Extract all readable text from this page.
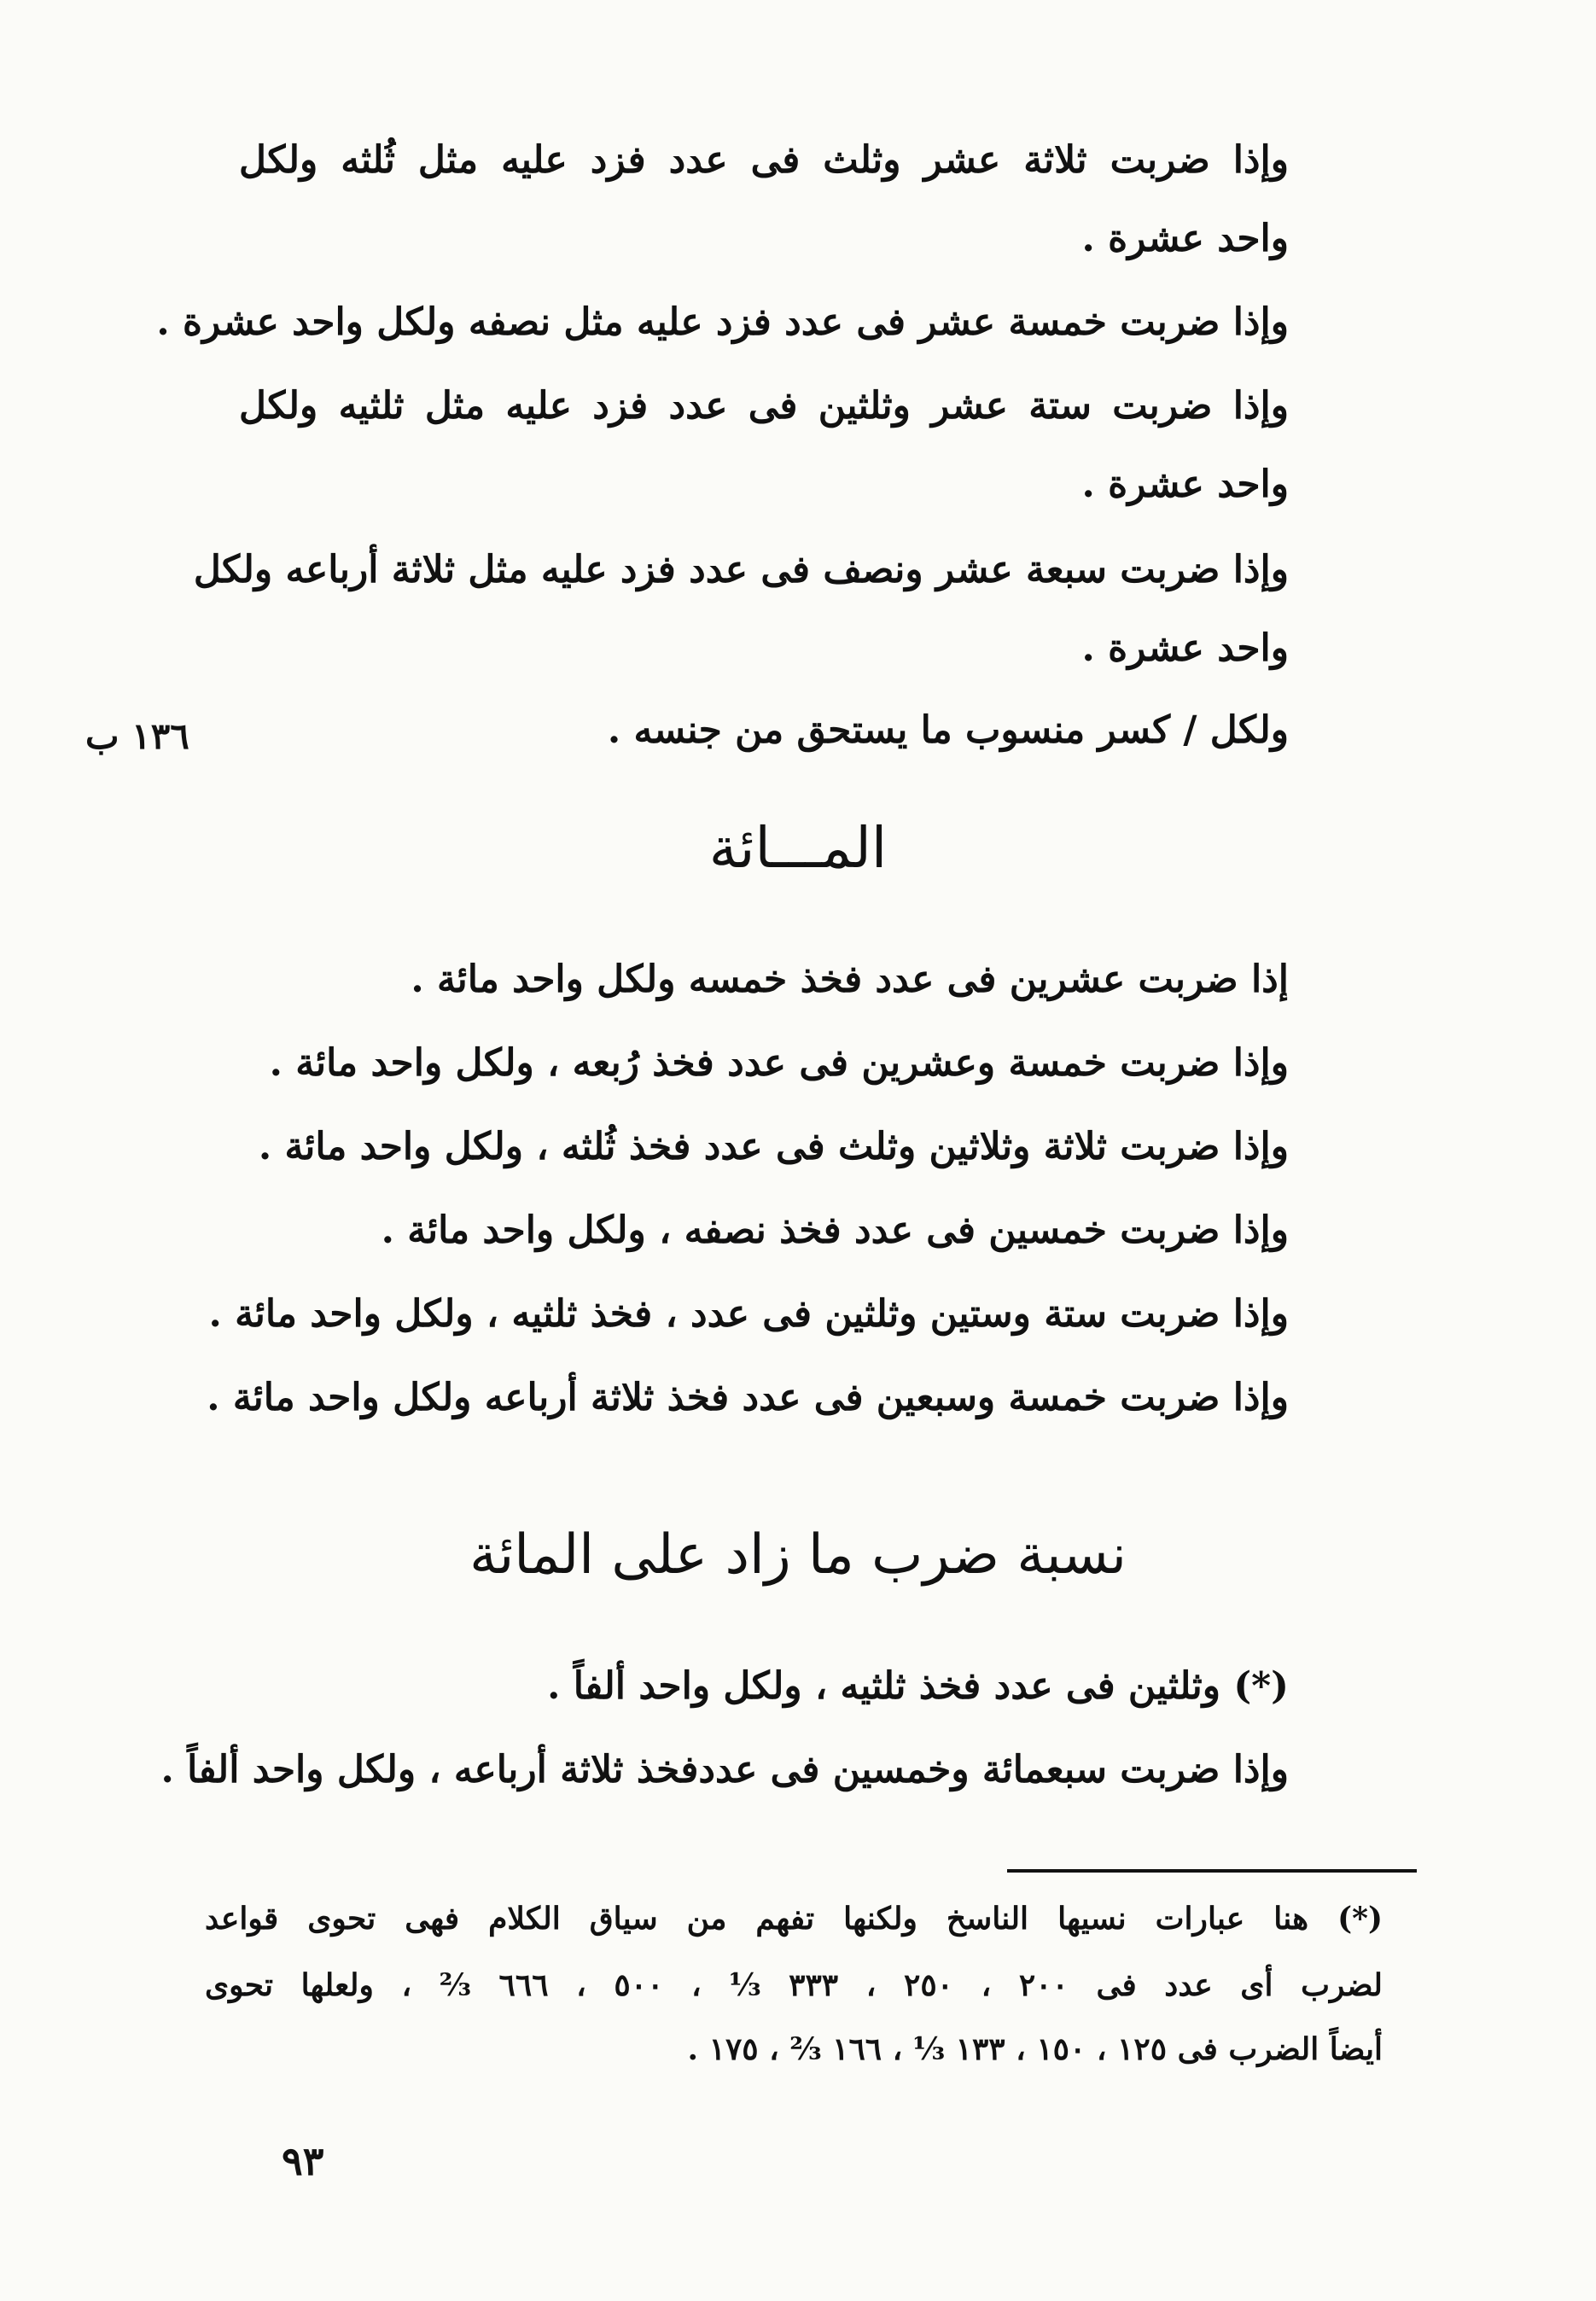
وإذا ضربت ثلاثة عشر وثلث فى عدد فزد عليه مثل ثُلثه ولكل
واحد عشرة .
وإذا ضربت خمسة عشر فى عدد فزد عليه مثل نصفه ولكل واحد عشرة .
وإذا ضربت ستة عشر وثلثين فى عدد فزد عليه مثل ثلثيه ولكل
واحد عشرة .
وإذا ضربت سبعة عشر ونصف فى عدد فزد عليه مثل ثلاثة أرباعه ولكل
واحد عشرة .
ولكل / كسر منسوب ما يستحق من جنسه .
١٣٦ ب
المـــائة
إذا ضربت عشرين فى عدد فخذ خمسه ولكل واحد مائة .
وإذا ضربت خمسة وعشرين فى عدد فخذ رُبعه ، ولكل واحد مائة .
وإذا ضربت ثلاثة وثلاثين وثلث فى عدد فخذ ثُلثه ، ولكل واحد مائة .
وإذا ضربت خمسين فى عدد فخذ نصفه ، ولكل واحد مائة .
وإذا ضربت ستة وستين وثلثين فى عدد ، فخذ ثلثيه ، ولكل واحد مائة .
وإذا ضربت خمسة وسبعين فى عدد فخذ ثلاثة أرباعه ولكل واحد مائة .
نسبة ضرب ما زاد على المائة
(*) وثلثين فى عدد فخذ ثلثيه ، ولكل واحد ألفاً .
وإذا ضربت سبعمائة وخمسين فى عددفخذ ثلاثة أرباعه ، ولكل واحد ألفاً .
(*) هنا عبارات نسيها الناسخ ولكنها تفهم من سياق الكلام فهى تحوى قواعد
لضرب أى عدد فى ٢٠٠ ، ٢٥٠ ، ٣٣٣ ⅓ ، ٥٠٠ ، ٦٦٦ ⅔ ، ولعلها تحوى
أيضاً الضرب فى ١٢٥ ، ١٥٠ ، ١٣٣ ⅓ ، ١٦٦ ⅔ ، ١٧٥ .
٩٣
